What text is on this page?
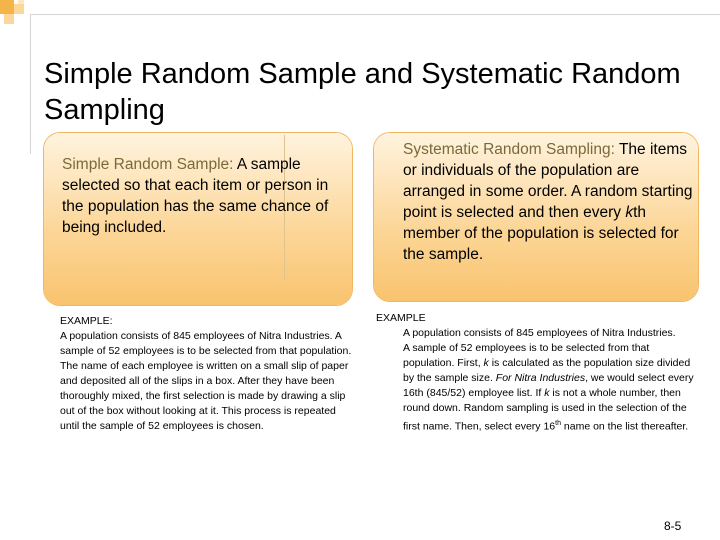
Simple Random Sample and Systematic Random Sampling
Simple Random Sample: A sample selected so that each item or person in the population has the same chance of being included.
Systematic Random Sampling: The items or individuals of the population are arranged in some order. A random starting point is selected and then every kth member of the population is selected for the sample.
EXAMPLE:
A population consists of 845 employees of Nitra Industries. A sample of 52 employees is to be selected from that population. The name of each employee is written on a small slip of paper and deposited all of the slips in a box. After they have been thoroughly mixed, the first selection is made by drawing a slip out of the box without looking at it. This process is repeated until the sample of 52 employees is chosen.
EXAMPLE
A population consists of 845 employees of Nitra Industries.
A sample of 52 employees is to be selected from that population. First, k is calculated as the population size divided by the sample size. For Nitra Industries, we would select every 16th (845/52) employee list. If k is not a whole number, then round down. Random sampling is used in the selection of the first name. Then, select every 16th name on the list thereafter.
8-5
